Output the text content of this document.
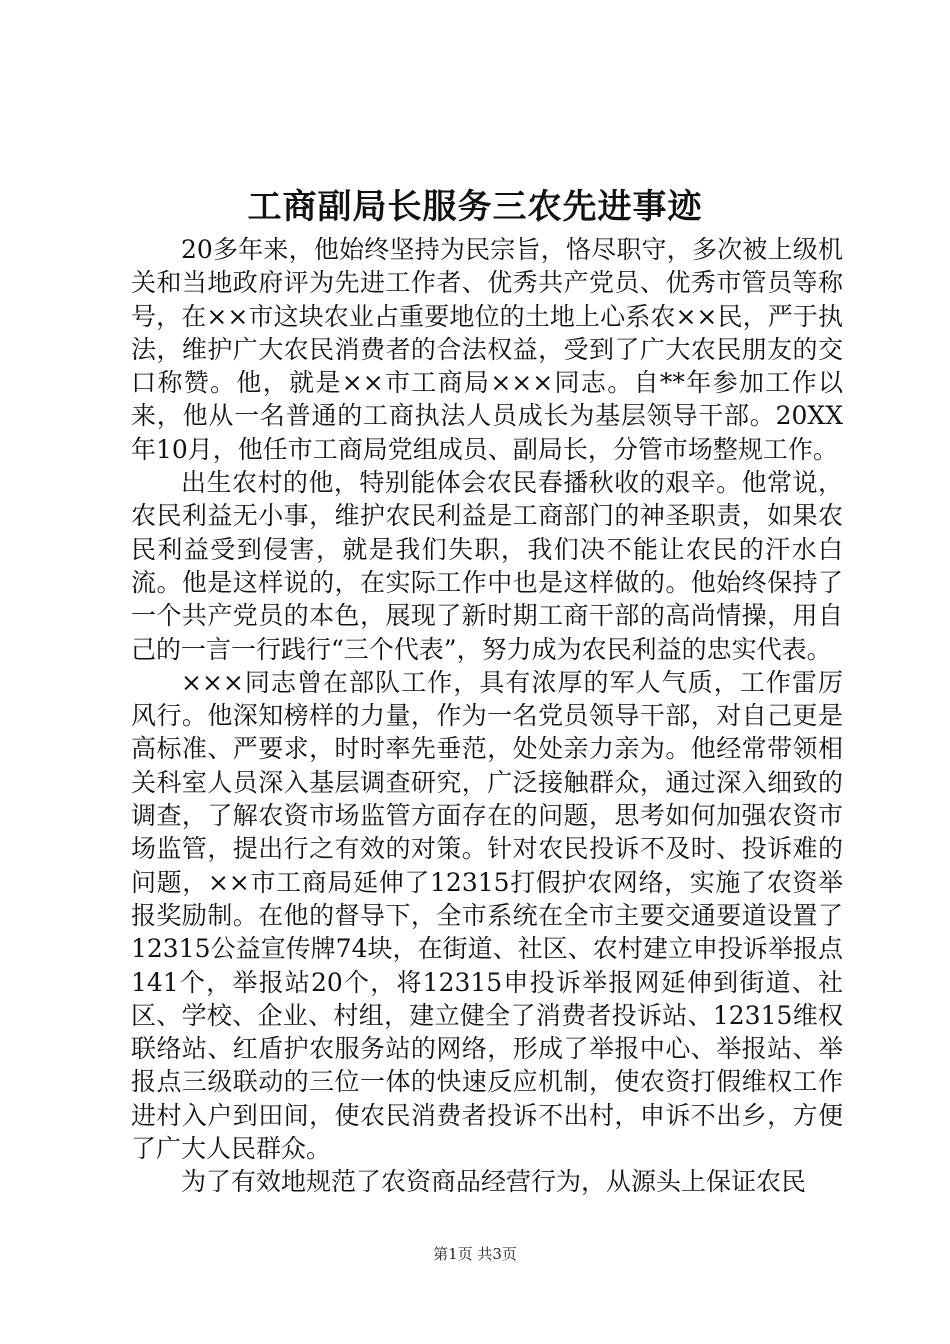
工商副局长服务三农先进事迹

20多年来，他始终坚持为民宗旨，恪尽职守，多次被上级机关和当地政府评为先进工作者、优秀共产党员、优秀市管员等称号，在××市这块农业占重要地位的土地上心系农××民，严于执法，维护广大农民消费者的合法权益，受到了广大农民朋友的交口称赞。他，就是××市工商局×××同志。自**年参加工作以来，他从一名普通的工商执法人员成长为基层领导干部。20XX年10月，他任市工商局党组成员、副局长，分管市场整规工作。

出生农村的他，特别能体会农民春播秋收的艰辛。他常说，农民利益无小事，维护农民利益是工商部门的神圣职责，如果农民利益受到侵害，就是我们失职，我们决不能让农民的汗水白流。他是这样说的，在实际工作中也是这样做的。他始终保持了一个共产党员的本色，展现了新时期工商干部的高尚情操，用自己的一言一行践行“三个代表”，努力成为农民利益的忠实代表。

×××同志曾在部队工作，具有浓厚的军人气质，工作雷厉风行。他深知榜样的力量，作为一名党员领导干部，对自己更是高标准、严要求，时时率先垂范，处处亲力亲为。他经常带领相关科室人员深入基层调查研究，广泛接触群众，通过深入细致的调查，了解农资市场监管方面存在的问题，思考如何加强农资市场监管，提出行之有效的对策。针对农民投诉不及时、投诉难的问题，××市工商局延伸了12315打假护农网络，实施了农资举报奖励制。在他的督导下，全市系统在全市主要交通要道设置了12315公益宣传牌74块，在街道、社区、农村建立申投诉举报点141个，举报站20个，将12315申投诉举报网延伸到街道、社区、学校、企业、村组，建立健全了消费者投诉站、12315维权联络站、红盾护农服务站的网络，形成了举报中心、举报站、举报点三级联动的三位一体的快速反应机制，使农资打假维权工作进村入户到田间，使农民消费者投诉不出村，申诉不出乡，方便了广大人民群众。

为了有效地规范了农资商品经营行为，从源头上保证农民

第1页 共3页
